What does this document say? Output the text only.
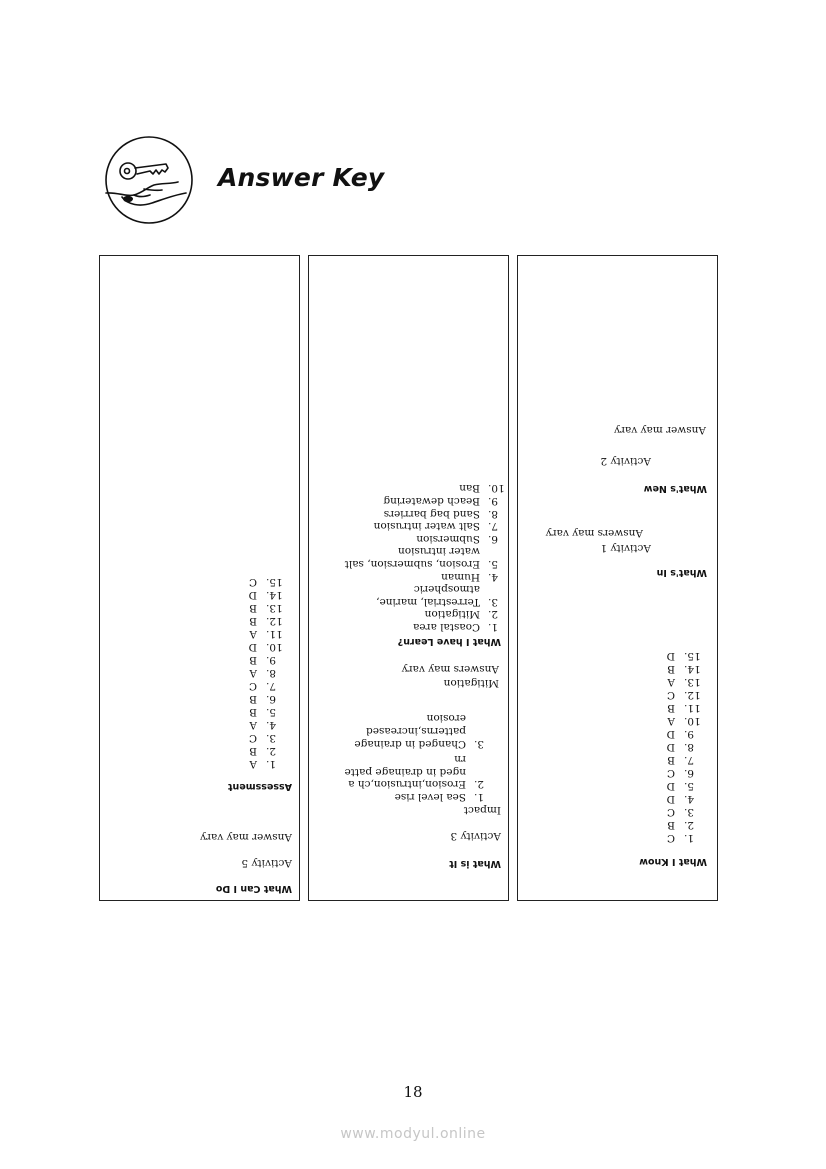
Answer Key
What Can I Do
Activity 5
Answer may vary
Assessment
1.
A
2.
B
3.
C
4.
A
5.
B
6.
B
7.
C
8.
A
9.
B
10.
D
11.
A
12.
B
13.
B
14.
D
15.
C
What is It
Activity 3
Impact
1.
Sea level rise
2.
Erosion,intrusion,ch anged in drainage pattern
3.
Changed in drainage patterns,increased erosion
Mitigation
Answers may vary
What I have Learn?
1.
Coastal area
2.
Mitigation
3.
Terrestrial, marine, atmospheric
4.
Human
5.
Erosion, submersion, salt water intrusion
6.
Submersion
7.
Salt water intrusion
8.
Sand bag barriers
9.
Beach dewatering
10.
Ban
What I Know
1.
C
2.
B
3.
C
4.
D
5.
D
6.
C
7.
B
8.
D
9.
D
10.
A
11.
B
12.
C
13.
A
14.
B
15.
D
What's In
Activity 1
Answers may vary
What's New
Activity 2
Answer may vary
18
www.modyul.online
